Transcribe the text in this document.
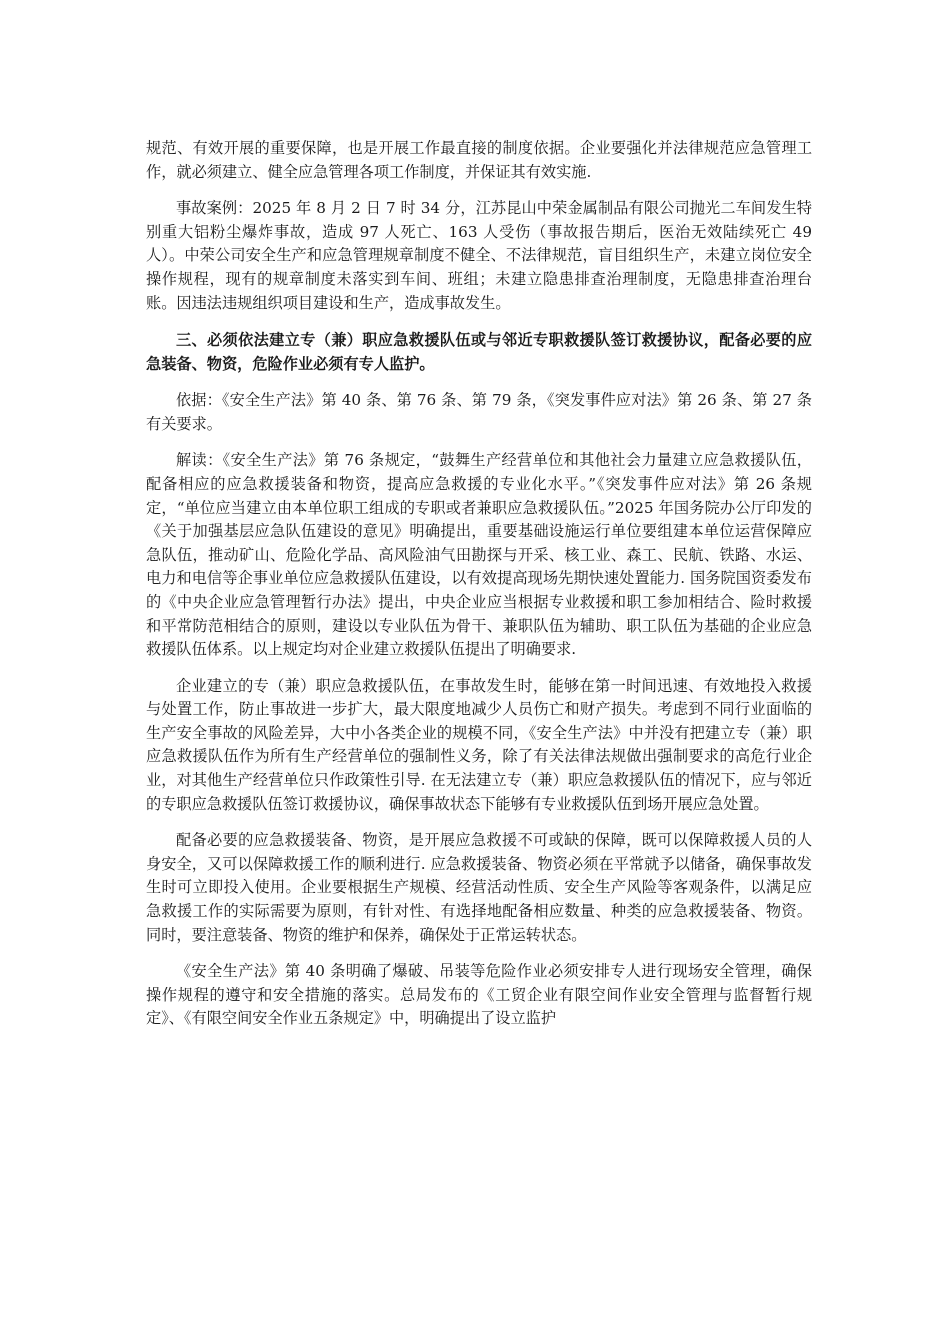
规范、有效开展的重要保障，也是开展工作最直接的制度依据。企业要强化并法律规范应急管理工作，就必须建立、健全应急管理各项工作制度，并保证其有效实施.

事故案例：2025 年 8 月 2 日 7 时 34 分，江苏昆山中荣金属制品有限公司抛光二车间发生特别重大铝粉尘爆炸事故，造成 97 人死亡、163 人受伤（事故报告期后，医治无效陆续死亡 49 人）。中荣公司安全生产和应急管理规章制度不健全、不法律规范，盲目组织生产，未建立岗位安全操作规程，现有的规章制度未落实到车间、班组；未建立隐患排查治理制度，无隐患排查治理台账。因违法违规组织项目建设和生产，造成事故发生。

三、必须依法建立专（兼）职应急救援队伍或与邻近专职救援队签订救援协议，配备必要的应急装备、物资，危险作业必须有专人监护。

依据：《安全生产法》第 40 条、第 76 条、第 79 条，《突发事件应对法》第 26 条、第 27 条有关要求。

解读：《安全生产法》第 76 条规定，“鼓舞生产经营单位和其他社会力量建立应急救援队伍，配备相应的应急救援装备和物资，提高应急救援的专业化水平。”《突发事件应对法》第 26 条规定，“单位应当建立由本单位职工组成的专职或者兼职应急救援队伍。”2025 年国务院办公厅印发的《关于加强基层应急队伍建设的意见》明确提出，重要基础设施运行单位要组建本单位运营保障应急队伍，推动矿山、危险化学品、高风险油气田勘探与开采、核工业、森工、民航、铁路、水运、电力和电信等企事业单位应急救援队伍建设，以有效提高现场先期快速处置能力. 国务院国资委发布的《中央企业应急管理暂行办法》提出，中央企业应当根据专业救援和职工参加相结合、险时救援和平常防范相结合的原则，建设以专业队伍为骨干、兼职队伍为辅助、职工队伍为基础的企业应急救援队伍体系。以上规定均对企业建立救援队伍提出了明确要求.

企业建立的专（兼）职应急救援队伍，在事故发生时，能够在第一时间迅速、有效地投入救援与处置工作，防止事故进一步扩大，最大限度地减少人员伤亡和财产损失。考虑到不同行业面临的生产安全事故的风险差异，大中小各类企业的规模不同，《安全生产法》中并没有把建立专（兼）职应急救援队伍作为所有生产经营单位的强制性义务，除了有关法律法规做出强制要求的高危行业企业，对其他生产经营单位只作政策性引导. 在无法建立专（兼）职应急救援队伍的情况下，应与邻近的专职应急救援队伍签订救援协议，确保事故状态下能够有专业救援队伍到场开展应急处置。

配备必要的应急救援装备、物资，是开展应急救援不可或缺的保障，既可以保障救援人员的人身安全，又可以保障救援工作的顺利进行. 应急救援装备、物资必须在平常就予以储备，确保事故发生时可立即投入使用。企业要根据生产规模、经营活动性质、安全生产风险等客观条件，以满足应急救援工作的实际需要为原则，有针对性、有选择地配备相应数量、种类的应急救援装备、物资。同时，要注意装备、物资的维护和保养，确保处于正常运转状态。

《安全生产法》第 40 条明确了爆破、吊装等危险作业必须安排专人进行现场安全管理，确保操作规程的遵守和安全措施的落实。总局发布的《工贸企业有限空间作业安全管理与监督暂行规定》、《有限空间安全作业五条规定》中，明确提出了设立监护
